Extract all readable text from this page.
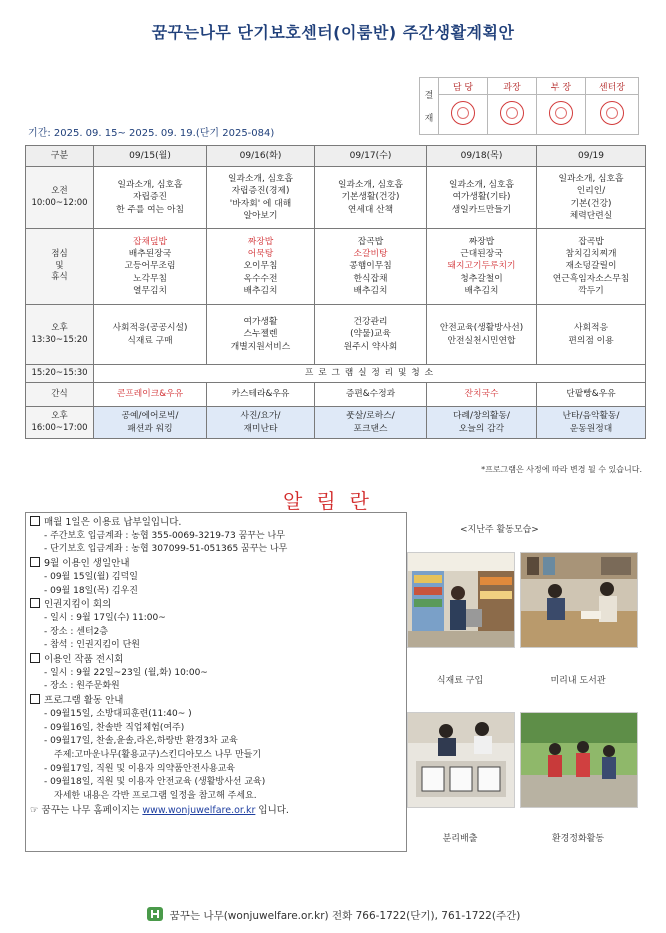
꿈꾸는나무 단기보호센터(이룸반) 주간생활계획안
결

재	담 당	과장	부 장	센터장

기간: 2025. 09. 15~ 2025. 09. 19.(단기 2025-084)
구분	09/15(월)	09/16(화)	09/17(수)	09/18(목)	09/19

오전
10:00~12:00	일과소개, 심호흡
자립증진
한 주를 여는 아침	일과소개, 심호흡
자립증진(경제)
'바자회' 에 대해
알아보기	일과소개, 심호흡
기본생활(건강)
연세대 산책	일과소개, 심호흡
여가생활(기타)
생일카드만들기	일과소개, 심호흡
인리인/
기본(건강)
체력단련실

점심
및
휴식	잡채덮밥
배추된장국
고등어무조림
노각무침
열무김치	짜장밥
어묵탕
오이무침
옥수수전
배추김치	잡곡밥
소갈비탕
콩햄이무침
한식잡채
배추김치	짜장밥
근대된장국
돼지고기두루치기
청추갈철이
배추김치	잡곡밥
참치김치찌개
재소덩갈릴이
연근흑임자소스무침
깍두기

오후
13:30~15:20	사회적응(공공시설)
식재료 구매	여가생활
스누젤렌
개별지원서비스	건강관리
(약물)교육
원주시 약사회	안전교육(생활방사선)
안전실천시민연합	사회적응
편의점 이용

15:20~15:30	프 로 그 램 실 정 리 및 청 소				
간식	콘프레이크&우유	카스테라&우유	증편&수정과	잔치국수	단팥빵&우유

오후
16:00~17:00	공예/에어로빅/
패션과 워킹	사진/요가/
재미난타	풋살/로하스/
포크댄스	다례/창의활동/
오늘의 감각	난타/음악활동/
운동원정대
*프로그램은 사정에 따라 변경 될 수 있습니다.
알림란
매월 1일은 이용료 납부일입니다.
- 주간보호 입금계좌 : 농협 355-0069-3219-73 꿈꾸는 나무
- 단기보호 입금계좌 : 농협 307099-51-051365 꿈꾸는 나무
9월 이용인 생일안내
- 09월 15일(월) 김덕일
- 09월 18일(목) 김우진
인권지킴이 회의
- 일시 : 9월 17일(수) 11:00~
- 장소 : 센터2층
- 참석 : 인권지킴이 단원
이용인 작품 전시회
- 일시 : 9월 22일~23일 (월,화) 10:00~
- 장소 : 원주문화원
프로그램 활동 안내
- 09월15일, 소방대피훈련(11:40~ )
- 09월16일, 찬솔반 직업체험(여주)
- 09월17일, 찬솔,윤솔,라온,하랑반 환경3차 교육
주제:고마운나무(활용교구)스킨디아모스 나무 만들기
- 09월17일, 직원 및 이용자 의약품안전사용교육
- 09월18일, 직원 및 이용자 안전교육 (생활방사선 교육)
자세한 내용은 각반 프로그램 일정을 참고해 주세요.
☞ 꿈꾸는 나무 홈페이지는 www.wonjuwelfare.or.kr 입니다.
<지난주 활동모습>
식재료 구입	미리내 도서관
분리배출	환경정화활동
꿈꾸는 나무(wonjuwelfare.or.kr) 전화 766-1722(단기), 761-1722(주간)
